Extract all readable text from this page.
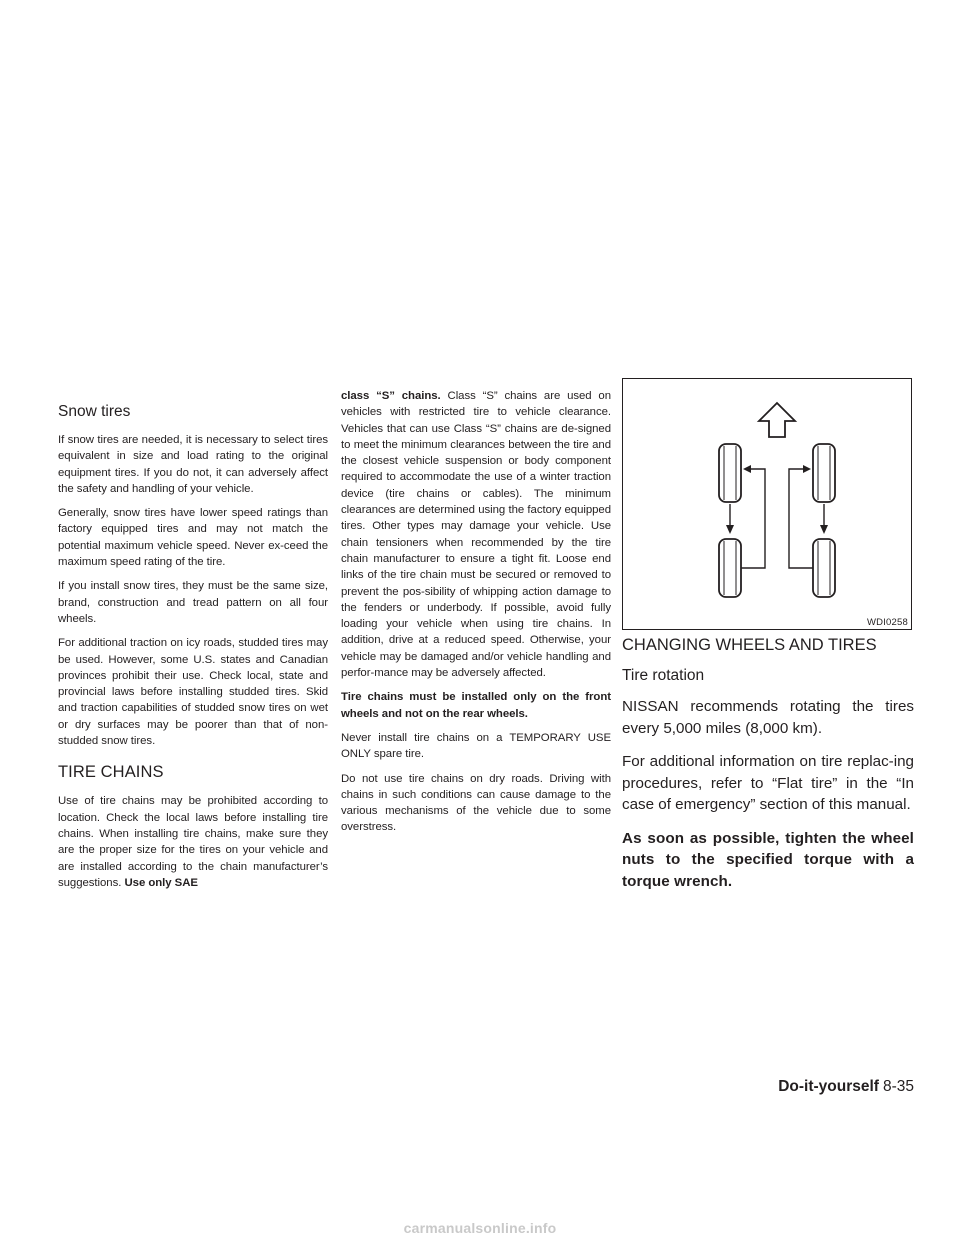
Snow tires

If snow tires are needed, it is necessary to select tires equivalent in size and load rating to the original equipment tires. If you do not, it can adversely affect the safety and handling of your vehicle.

Generally, snow tires have lower speed ratings than factory equipped tires and may not match the potential maximum vehicle speed. Never ex-ceed the maximum speed rating of the tire.

If you install snow tires, they must be the same size, brand, construction and tread pattern on all four wheels.

For additional traction on icy roads, studded tires may be used. However, some U.S. states and Canadian provinces prohibit their use. Check local, state and provincial laws before installing studded tires. Skid and traction capabilities of studded snow tires on wet or dry surfaces may be poorer than that of non-studded snow tires.

TIRE CHAINS

Use of tire chains may be prohibited according to location. Check the local laws before installing tire chains. When installing tire chains, make sure they are the proper size for the tires on your vehicle and are installed according to the chain manufacturer’s suggestions. Use only SAE

class “S” chains. Class “S” chains are used on vehicles with restricted tire to vehicle clearance. Vehicles that can use Class “S” chains are de-signed to meet the minimum clearances between the tire and the closest vehicle suspension or body component required to accommodate the use of a winter traction device (tire chains or cables). The minimum clearances are determined using the factory equipped tires. Other types may damage your vehicle. Use chain tensioners when recommended by the tire chain manufacturer to ensure a tight fit. Loose end links of the tire chain must be secured or removed to prevent the pos-sibility of whipping action damage to the fenders or underbody. If possible, avoid fully loading your vehicle when using tire chains. In addition, drive at a reduced speed. Otherwise, your vehicle may be damaged and/or vehicle handling and perfor-mance may be adversely affected.

Tire chains must be installed only on the front wheels and not on the rear wheels.

Never install tire chains on a TEMPORARY USE ONLY spare tire.

Do not use tire chains on dry roads. Driving with chains in such conditions can cause damage to the various mechanisms of the vehicle due to some overstress.

WDI0258
CHANGING WHEELS AND TIRES
Tire rotation

NISSAN recommends rotating the tires every 5,000 miles (8,000 km).

For additional information on tire replac-ing procedures, refer to “Flat tire” in the “In case of emergency” section of this manual.

As soon as possible, tighten the wheel nuts to the specified torque with a torque wrench.

Do-it-yourself 8-35
carmanualsonline.info
